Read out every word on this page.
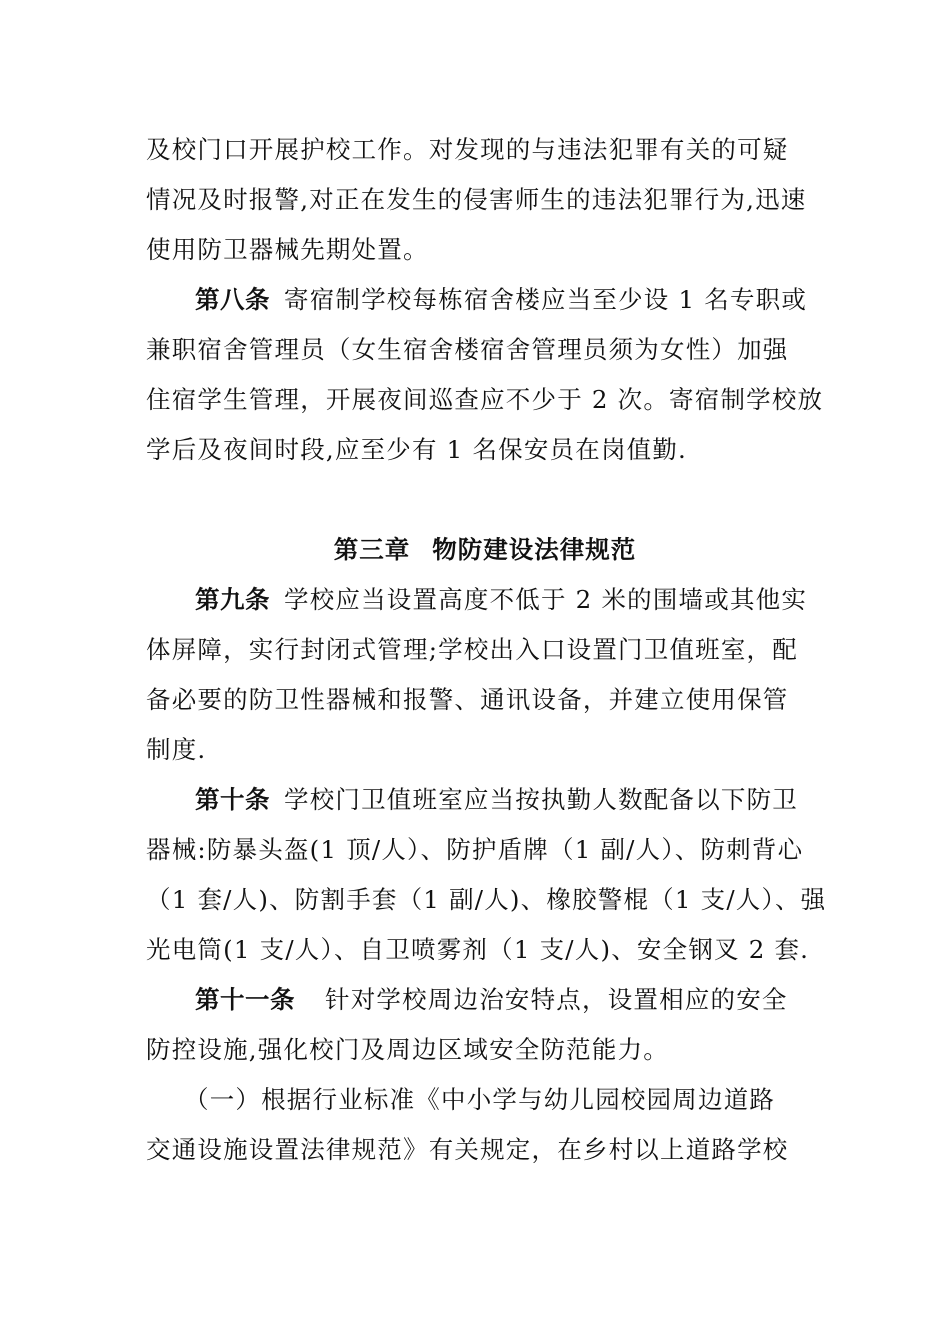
及校门口开展护校工作。对发现的与违法犯罪有关的可疑
情况及时报警,对正在发生的侵害师生的违法犯罪行为,迅速
使用防卫器械先期处置。
第八条 寄宿制学校每栋宿舍楼应当至少设 1 名专职或
兼职宿舍管理员（女生宿舍楼宿舍管理员须为女性）加强
住宿学生管理，开展夜间巡查应不少于 2 次。寄宿制学校放
学后及夜间时段,应至少有 1 名保安员在岗值勤.
第三章 物防建设法律规范
第九条 学校应当设置高度不低于 2 米的围墙或其他实
体屏障，实行封闭式管理;学校出入口设置门卫值班室，配
备必要的防卫性器械和报警、通讯设备，并建立使用保管
制度.
第十条 学校门卫值班室应当按执勤人数配备以下防卫
器械:防暴头盔(1 顶/人）、防护盾牌（1 副/人）、防刺背心
（1 套/人)、防割手套（1 副/人)、橡胶警棍（1 支/人）、强
光电筒(1 支/人）、自卫喷雾剂（1 支/人)、安全钢叉 2 套.
第十一条 针对学校周边治安特点，设置相应的安全
防控设施,强化校门及周边区域安全防范能力。
（一）根据行业标准《中小学与幼儿园校园周边道路
交通设施设置法律规范》有关规定，在乡村以上道路学校
